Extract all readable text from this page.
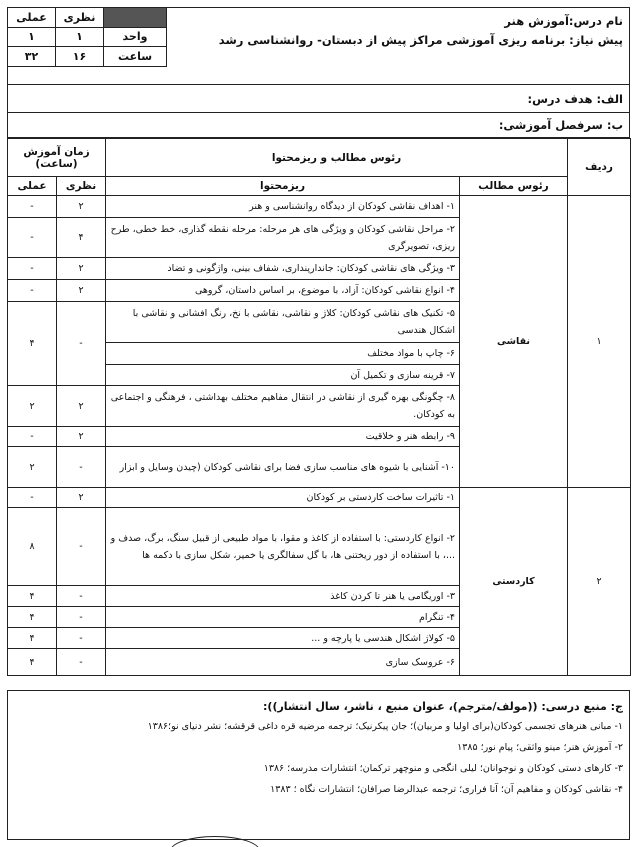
عملی	نظری	
۱	۱	واحد
۳۲	۱۶	ساعت
نام درس:آموزش هنر
پیش نیاز: برنامه ریزی آموزشی مراکز پیش از دبستان- روانشناسی رشد
الف: هدف درس:
ب: سرفصل آموزشی:
ردیف	رئوس مطالب و ریزمحتوا		زمان آموزش (ساعت)	
	رئوس مطالب	ریزمحتوا	نظری	عملی
۱	نقاشی	۱- اهداف نقاشی کودکان از دیدگاه روانشناسی و هنر	۲	-
		۲- مراحل نقاشی کودکان و ویژگی های هر مرحله: مرحله نقطه گذاری، خط خطی، طرح ریزی، تصویرگری	۴	-
		۳- ویژگی های نقاشی کودکان: جاندارپنداری، شفاف بینی، واژگونی و تضاد	۲	-
		۴- انواع نقاشی کودکان: آزاد، با موضوع، بر اساس داستان، گروهی	۲	-
		۵- تکنیک های نقاشی کودکان: کلاژ و نقاشی، نقاشی با نخ، رنگ افشانی و نقاشی با اشکال هندسی	-	۴
		۶- چاپ با مواد مختلف		
		۷- قرینه سازی و تکمیل آن		
		۸- چگونگی بهره گیری از نقاشی در انتقال مفاهیم مختلف بهداشتی ، فرهنگی و اجتماعی به کودکان.	۲	۲
		۹- رابطه هنر و خلاقیت	۲	-
		۱۰- آشنایی با شیوه های مناسب سازی فضا برای نقاشی کودکان (چیدن وسایل و ابزار	-	۲
۲	کاردستی	۱- تاثیرات ساخت کاردستی بر کودکان	۲	-
		۲- انواع کاردستی: با استفاده از کاغذ و مقوا، با مواد طبیعی از قبیل سنگ، برگ، صدف و ...، با استفاده از دور ریختنی ها، با گل سفالگری یا خمیر، شکل سازی با دکمه ها	-	۸
		۳- اوریگامی یا هنر تا کردن کاغذ	-	۴
		۴- تنگرام	-	۴
		۵- کولاژ اشکال هندسی یا پارچه و ...	-	۴
		۶- عروسک سازی	-	۴
ج: منبع درسی: ((مولف/مترجم)، عنوان منبع ، ناشر، سال انتشار)):
۱- مبانی هنرهای تجسمی کودکان(برای اولیا و مربیان)؛ جان پیکرنیک؛ ترجمه مرضیه قره داغی قرقشه؛ نشر دنیای نو؛۱۳۸۶
۲- آموزش هنر؛ مینو واثقی؛ پیام نور؛ ۱۳۸۵
۳- کارهای دستی کودکان و نوجوانان؛ لیلی انگجی و منوچهر ترکمان؛ انتشارات مدرسه؛ ۱۳۸۶
۴- نقاشی کودکان و مفاهیم آن؛ آنا فراری؛ ترجمه عبدالرضا صرافان؛ انتشارات نگاه ؛ ۱۳۸۳
